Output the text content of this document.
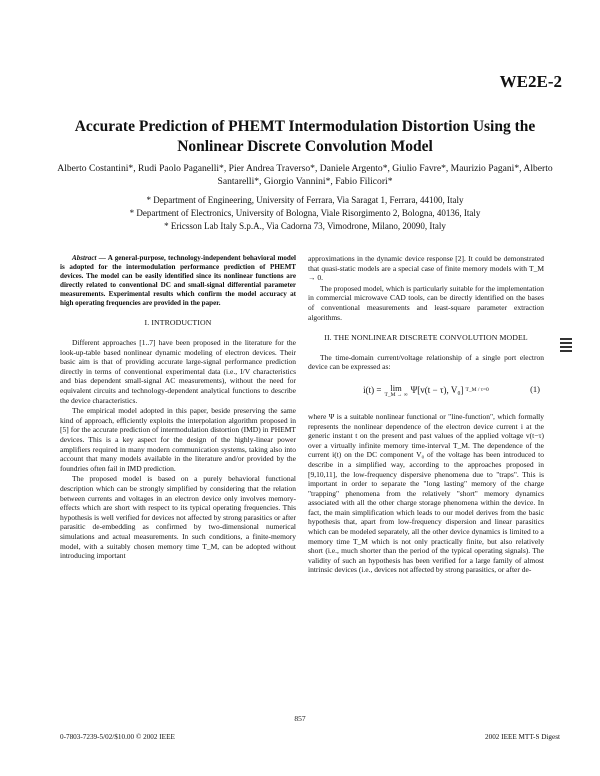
WE2E-2
Accurate Prediction of PHEMT Intermodulation Distortion Using the Nonlinear Discrete Convolution Model
Alberto Costantini*, Rudi Paolo Paganelli*, Pier Andrea Traverso*, Daniele Argento*, Giulio Favre*, Maurizio Pagani*, Alberto Santarelli*, Giorgio Vannini*, Fabio Filicori*
* Department of Engineering, University of Ferrara, Via Saragat 1, Ferrara, 44100, Italy
* Department of Electronics, University of Bologna, Viale Risorgimento 2, Bologna, 40136, Italy
* Ericsson Lab Italy S.p.A., Via Cadorna 73, Vimodrone, Milano, 20090, Italy

Abstract — A general-purpose, technology-independent behavioral model is adopted for the intermodulation performance prediction of PHEMT devices. The model can be easily identified since its nonlinear functions are directly related to conventional DC and small-signal differential parameter measurements. Experimental results which confirm the model accuracy at high operating frequencies are provided in the paper.

I. INTRODUCTION

Different approaches [1..7] have been proposed in the literature for the look-up-table based nonlinear dynamic modeling of electron devices. Their basic aim is that of providing accurate large-signal performance prediction directly in terms of conventional experimental data (i.e., I/V characteristics and bias dependent small-signal AC measurements), without the need for equivalent circuits and technology-dependent analytical functions to describe the device characteristics.

The empirical model adopted in this paper, beside preserving the same kind of approach, efficiently exploits the interpolation algorithm proposed in [5] for the accurate prediction of intermodulation distortion (IMD) in PHEMT devices. This is a key aspect for the design of the highly-linear power amplifiers required in many modern communication systems, taking also into account that many models available in the literature and/or provided by the foundries often fail in IMD prediction.

The proposed model is based on a purely behavioral functional description which can be strongly simplified by considering that the relation between currents and voltages in an electron device only involves memory-effects which are short with respect to its typical operating frequencies. This hypothesis is well verified for devices not affected by strong parasitics or after parasitic de-embedding as confirmed by two-dimensional numerical simulations and actual measurements. In such conditions, a finite-memory model, with a suitably chosen memory time T_M, can be adopted without introducing important

approximations in the dynamic device response [2]. It could be demonstrated that quasi-static models are a special case of finite memory models with T_M → 0.

The proposed model, which is particularly suitable for the implementation in commercial microwave CAD tools, can be directly identified on the bases of conventional measurements and least-square parameter extraction algorithms.

II. THE NONLINEAR DISCRETE CONVOLUTION MODEL

The time-domain current/voltage relationship of a single port electron device can be expressed as:

i(t) = lim
T_M → ∞
Ψ[v(t − τ), V₀] T_M / τ=0	(1)

where Ψ is a suitable nonlinear functional or "line-function", which formally represents the nonlinear dependence of the electron device current i at the generic instant t on the present and past values of the applied voltage v(t−τ) over a virtually infinite memory time-interval T_M. The dependence of the current i(t) on the DC component V₀ of the voltage has been introduced to describe in a simplified way, according to the approaches proposed in [9,10,11], the low-frequency dispersive phenomena due to "traps". This is important in order to separate the "long lasting" memory of the charge "trapping" phenomena from the relatively "short" memory dynamics associated with all the other charge storage phenomena within the device. In fact, the main simplification which leads to our model derives from the basic hypothesis that, apart from low-frequency dispersion and linear parasitics which can be modeled separately, all the other device dynamics is limited to a memory time T_M which is not only practically finite, but also relatively short (i.e., much shorter than the period of the typical operating signals). The validity of such an hypothesis has been verified for a large family of almost intrinsic devices (i.e., devices not affected by strong parasitics, or after de-

857
0-7803-7239-5/02/$10.00 © 2002 IEEE	2002 IEEE MTT-S Digest
